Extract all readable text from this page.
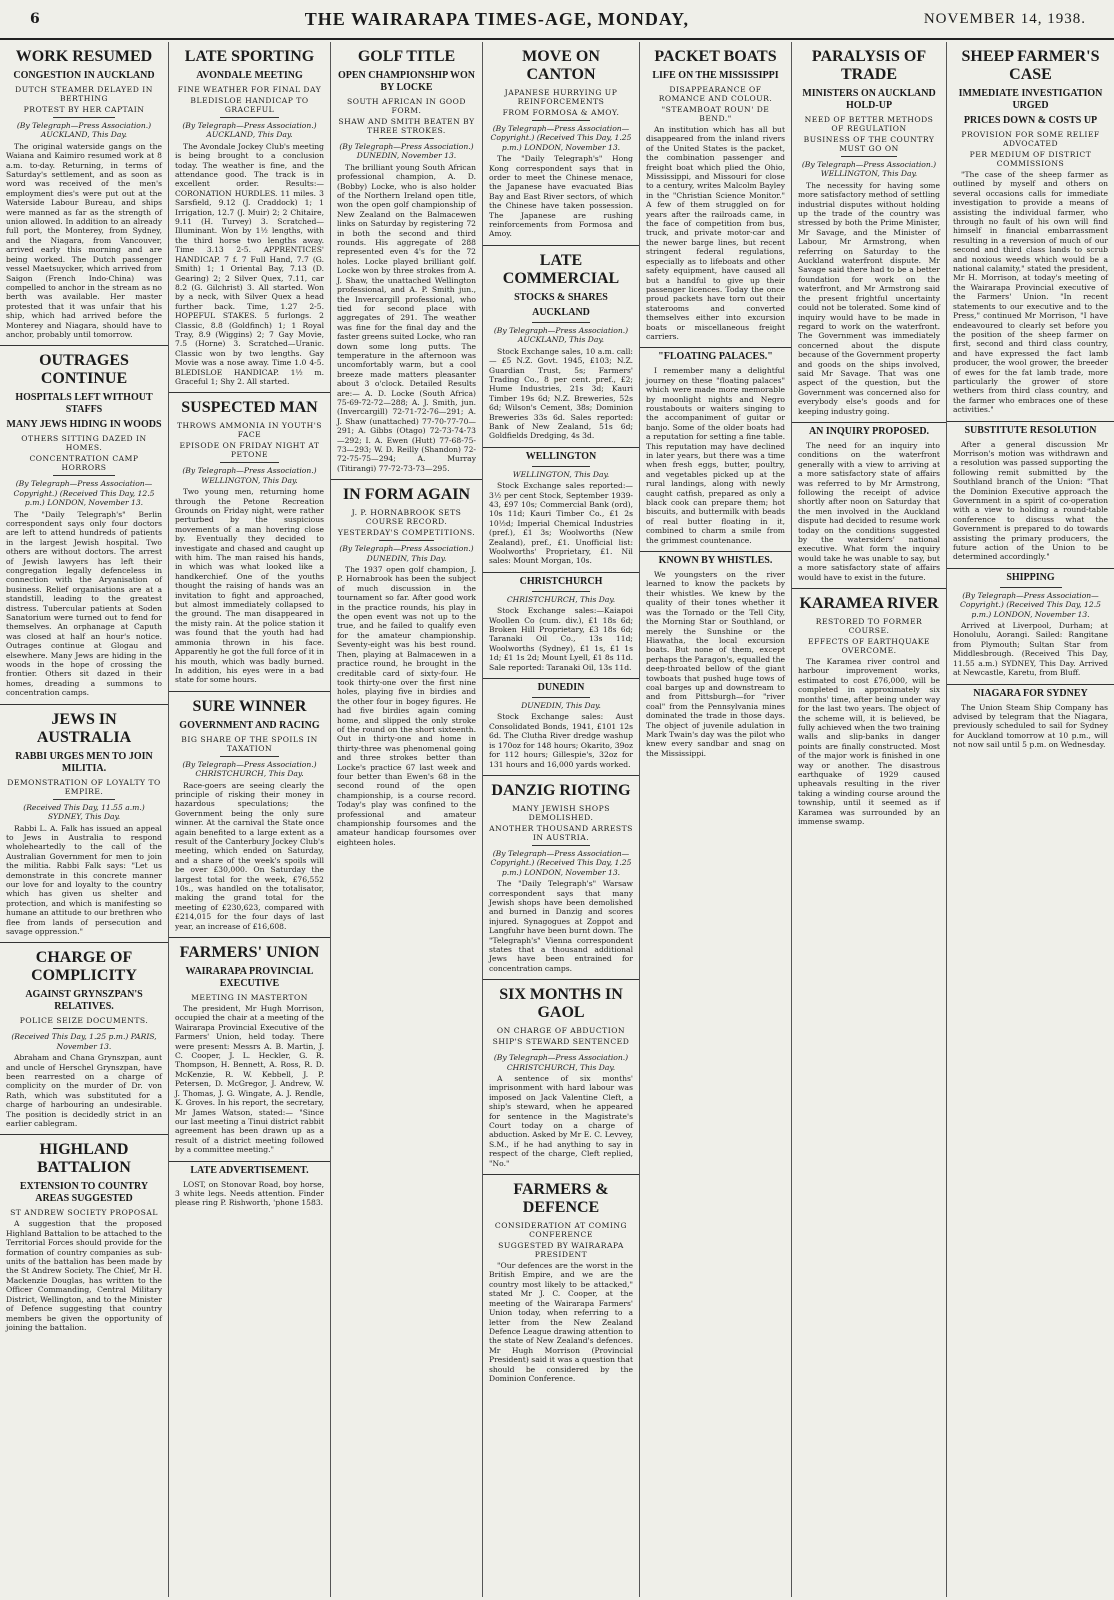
6	THE WAIRARAPA TIMES-AGE, MONDAY,	NOVEMBER 14, 1938.
WORK RESUMED
CONGESTION IN AUCKLAND
DUTCH STEAMER DELAYED IN BERTHING
PROTEST BY HER CAPTAIN
(By Telegraph—Press Association.) AUCKLAND, This Day.

The original waterside gangs on the Waiana and Kaimiro resumed work at 8 a.m. to-day. Returning, in terms of Saturday's settlement, and as soon as word was received of the men's employment dies's were put out at the Waterside Labour Bureau, and ships were manned as far as the strength of union allowed. In addition to an already full port, the Monterey, from Sydney, and the Niagara, from Vancouver, arrived early this morning and are being worked. The Dutch passenger vessel Maetsuycker, which arrived from Saigon (French Indo-China) was compelled to anchor in the stream as no berth was available. Her master protested that it was unfair that his ship, which had arrived before the Monterey and Niagara, should have to anchor, probably until tomorrow.

OUTRAGES CONTINUE
HOSPITALS LEFT WITHOUT STAFFS
MANY JEWS HIDING IN WOODS
OTHERS SITTING DAZED IN HOMES.
CONCENTRATION CAMP HORRORS
(By Telegraph—Press Association—Copyright.) (Received This Day, 12.5 p.m.) LONDON, November 13.

The "Daily Telegraph's" Berlin correspondent says only four doctors are left to attend hundreds of patients in the largest Jewish hospital. Two others are without doctors. The arrest of Jewish lawyers has left their congregation legally defenceless in connection with the Aryanisation of business. Relief organisations are at a standstill, leading to the greatest distress. Tubercular patients at Soden Sanatorium were turned out to fend for themselves. An orphanage at Caputh was closed at half an hour's notice. Outrages continue at Glogau and elsewhere. Many Jews are hiding in the woods in the hope of crossing the frontier. Others sit dazed in their homes, dreading a summons to concentration camps.

JEWS IN AUSTRALIA
RABBI URGES MEN TO JOIN MILITIA.
DEMONSTRATION OF LOYALTY TO EMPIRE.
(Received This Day, 11.55 a.m.) SYDNEY, This Day.

Rabbi L. A. Falk has issued an appeal to Jews in Australia to respond wholeheartedly to the call of the Australian Government for men to join the militia. Rabbi Falk says: "Let us demonstrate in this concrete manner our love for and loyalty to the country which has given us shelter and protection, and which is manifesting so humane an attitude to our brethren who flee from lands of persecution and savage oppression."

CHARGE OF COMPLICITY
AGAINST GRYNSZPAN'S RELATIVES.
POLICE SEIZE DOCUMENTS.
(Received This Day, 1.25 p.m.) PARIS, November 13.

Abraham and Chana Grynszpan, aunt and uncle of Herschel Grynszpan, have been rearrested on a charge of complicity on the murder of Dr. von Rath, which was substituted for a charge of harbouring an undesirable. The position is decidedly strict in an earlier cablegram.

HIGHLAND BATTALION
EXTENSION TO COUNTRY AREAS SUGGESTED
ST ANDREW SOCIETY PROPOSAL

A suggestion that the proposed Highland Battalion to be attached to the Territorial Forces should provide for the formation of country companies as sub-units of the battalion has been made by the St Andrew Society. The Chief, Mr H. Mackenzie Douglas, has written to the Officer Commanding, Central Military District, Wellington, and to the Minister of Defence suggesting that country members be given the opportunity of joining the battalion.

LATE SPORTING
AVONDALE MEETING
FINE WEATHER FOR FINAL DAY
BLEDISLOE HANDICAP TO GRACEFUL
(By Telegraph—Press Association.) AUCKLAND, This Day.

The Avondale Jockey Club's meeting is being brought to a conclusion today. The weather is fine, and the attendance good. The track is in excellent order. Results:— CORONATION HURDLES. 11 miles. 3 Sarsfield, 9.12 (J. Craddock) 1; 1 Irrigation, 12.7 (J. Muir) 2; 2 Chitaire, 9.11 (H. Turvey) 3. Scratched—Illuminant. Won by 1½ lengths, with the third horse two lengths away. Time 3.13 2-5. APPRENTICES' HANDICAP. 7 f. 7 Full Hand, 7.7 (G. Smith) 1; 1 Oriental Bay, 7.13 (D. Gearing) 2; 2 Silver Quex, 7.11, car 8.2 (G. Gilchrist) 3. All started. Won by a neck, with Silver Quex a head further back. Time, 1.27 2-5. HOPEFUL STAKES. 5 furlongs. 2 Classic, 8.8 (Goldfinch) 1; 1 Royal Tray, 8.9 (Wiggins) 2; 7 Gay Movie, 7.5 (Horne) 3. Scratched—Uranic. Classic won by two lengths. Gay Movie was a nose away. Time 1.0 4-5. BLEDISLOE HANDICAP. 1½ m. Graceful 1; Shy 2. All started.

SUSPECTED MAN
THROWS AMMONIA IN YOUTH'S FACE
EPISODE ON FRIDAY NIGHT AT PETONE
(By Telegraph—Press Association.) WELLINGTON, This Day.

Two young men, returning home through the Petone Recreation Grounds on Friday night, were rather perturbed by the suspicious movements of a man hovering close by. Eventually they decided to investigate and chased and caught up with him. The man raised his hands, in which was what looked like a handkerchief. One of the youths thought the raising of hands was an invitation to fight and approached, but almost immediately collapsed to the ground. The man disappeared in the misty rain. At the police station it was found that the youth had had ammonia thrown in his face. Apparently he got the full force of it in his mouth, which was badly burned. In addition, his eyes were in a bad state for some hours.

SURE WINNER
GOVERNMENT AND RACING
BIG SHARE OF THE SPOILS IN TAXATION
(By Telegraph—Press Association.) CHRISTCHURCH, This Day.

Race-goers are seeing clearly the principle of risking their money in hazardous speculations; the Government being the only sure winner. At the carnival the State once again benefited to a large extent as a result of the Canterbury Jockey Club's meeting, which ended on Saturday, and a share of the week's spoils will be over £30,000. On Saturday the largest total for the week, £76,552 10s., was handled on the totalisator, making the grand total for the meeting of £230,623, compared with £214,015 for the four days of last year, an increase of £16,608.

FARMERS' UNION
WAIRARAPA PROVINCIAL EXECUTIVE
MEETING IN MASTERTON

The president, Mr Hugh Morrison, occupied the chair at a meeting of the Wairarapa Provincial Executive of the Farmers' Union, held today. There were present: Messrs A. B. Martin, J. C. Cooper, J. L. Heckler, G. R. Thompson, H. Bennett, A. Ross, R. D. McKenzie, R. W. Kebbell, J. P. Petersen, D. McGregor, J. Andrew, W. J. Thomas, J. G. Wingate, A. J. Rendle, K. Groves. In his report, the secretary, Mr James Watson, stated:— "Since our last meeting a Tinui district rabbit agreement has been drawn up as a result of a district meeting followed by a committee meeting."

LATE ADVERTISEMENT.

LOST, on Stonovar Road, boy horse, 3 white legs. Needs attention. Finder please ring P. Rishworth, 'phone 1583.

GOLF TITLE
OPEN CHAMPIONSHIP WON BY LOCKE
SOUTH AFRICAN IN GOOD FORM.
SHAW AND SMITH BEATEN BY THREE STROKES.
(By Telegraph—Press Association.) DUNEDIN, November 13.

The brilliant young South African professional champion, A. D. (Bobby) Locke, who is also holder of the Northern Ireland open title, won the open golf championship of New Zealand on the Balmacewen links on Saturday by registering 72 in both the second and third rounds. His aggregate of 288 represented even 4's for the 72 holes. Locke played brilliant golf. Locke won by three strokes from A. J. Shaw, the unattached Wellington professional, and A. P. Smith jun., the Invercargill professional, who tied for second place with aggregates of 291. The weather was fine for the final day and the faster greens suited Locke, who ran down some long putts. The temperature in the afternoon was uncomfortably warm, but a cool breeze made matters pleasanter about 3 o'clock. Detailed Results are:— A. D. Locke (South Africa) 75-69-72-72—288; A. J. Smith, jun. (Invercargill) 72-71-72-76—291; A. J. Shaw (unattached) 77-70-77-70—291; A. Gibbs (Otago) 72-73-74-73—292; I. A. Ewen (Hutt) 77-68-75-73—293; W. D. Reilly (Shandon) 72-72-75-75—294; A. Murray (Titirangi) 77-72-73-73—295.

IN FORM AGAIN
J. P. HORNABROOK SETS COURSE RECORD.
YESTERDAY'S COMPETITIONS.
(By Telegraph—Press Association.) DUNEDIN, This Day.

The 1937 open golf champion, J. P. Hornabrook has been the subject of much discussion in the tournament so far. After good work in the practice rounds, his play in the open event was not up to the true, and he failed to qualify even for the amateur championship. Seventy-eight was his best round. Then, playing at Balmacewen in a practice round, he brought in the creditable card of sixty-four. He took thirty-one over the first nine holes, playing five in birdies and the other four in bogey figures. He had five birdies again coming home, and slipped the only stroke of the round on the short sixteenth. Out in thirty-one and home in thirty-three was phenomenal going and three strokes better than Locke's practice 67 last week and four better than Ewen's 68 in the second round of the open championship, is a course record. Today's play was confined to the professional and amateur championship foursomes and the amateur handicap foursomes over eighteen holes.

MOVE ON CANTON
JAPANESE HURRYING UP REINFORCEMENTS
FROM FORMOSA & AMOY.
(By Telegraph—Press Association—Copyright.) (Received This Day, 1.25 p.m.) LONDON, November 13.

The "Daily Telegraph's" Hong Kong correspondent says that in order to meet the Chinese menace, the Japanese have evacuated Bias Bay and East River sectors, of which the Chinese have taken possession. The Japanese are rushing reinforcements from Formosa and Amoy.

LATE COMMERCIAL
STOCKS & SHARES
AUCKLAND
(By Telegraph—Press Association.) AUCKLAND, This Day.

Stock Exchange sales, 10 a.m. call:— £5 N.Z. Govt. 1945, £103; N.Z. Guardian Trust, 5s; Farmers' Trading Co., 8 per cent. pref., £2; Hume Industries, 21s 3d; Kauri Timber 19s 6d; N.Z. Breweries, 52s 6d; Wilson's Cement, 38s; Dominion Breweries 33s 6d. Sales reported: Bank of New Zealand, 51s 6d; Goldfields Dredging, 4s 3d.

WELLINGTON
WELLINGTON, This Day.

Stock Exchange sales reported:—3½ per cent Stock, September 1939-43, £97 10s; Commercial Bank (ord), 10s 11d; Kauri Timber Co., £1 2s 10½d; Imperial Chemical Industries (pref.), £1 3s; Woolworths (New Zealand), pref., £1. Unofficial list: Woolworths' Proprietary, £1. Nil sales: Mount Morgan, 10s.

CHRISTCHURCH
CHRISTCHURCH, This Day.

Stock Exchange sales:—Kaiapoi Woollen Co (cum. div.), £1 18s 6d; Broken Hill Proprietary, £3 18s 6d; Taranaki Oil Co., 13s 11d; Woolworths (Sydney), £1 1s, £1 1s 1d; £1 1s 2d; Mount Lyell, £1 8s 11d. Sale reported: Taranaki Oil, 13s 11d.

DUNEDIN
DUNEDIN, This Day.

Stock Exchange sales: Aust Consolidated Bonds, 1941, £101 12s 6d. The Clutha River dredge washup is 170oz for 148 hours; Okarito, 39oz for 112 hours; Gillespie's, 32oz for 131 hours and 16,000 yards worked.

DANZIG RIOTING
MANY JEWISH SHOPS DEMOLISHED.
ANOTHER THOUSAND ARRESTS IN AUSTRIA.
(By Telegraph—Press Association—Copyright.) (Received This Day, 1.25 p.m.) LONDON, November 13.

The "Daily Telegraph's" Warsaw correspondent says that many Jewish shops have been demolished and burned in Danzig and scores injured. Synagogues at Zoppot and Langfuhr have been burnt down. The "Telegraph's" Vienna correspondent states that a thousand additional Jews have been entrained for concentration camps.

SIX MONTHS IN GAOL
ON CHARGE OF ABDUCTION
SHIP'S STEWARD SENTENCED
(By Telegraph—Press Association.) CHRISTCHURCH, This Day.

A sentence of six months' imprisonment with hard labour was imposed on Jack Valentine Cleft, a ship's steward, when he appeared for sentence in the Magistrate's Court today on a charge of abduction. Asked by Mr E. C. Levvey, S.M., if he had anything to say in respect of the charge, Cleft replied, "No."

FARMERS & DEFENCE
CONSIDERATION AT COMING CONFERENCE
SUGGESTED BY WAIRARAPA PRESIDENT

"Our defences are the worst in the British Empire, and we are the country most likely to be attacked," stated Mr J. C. Cooper, at the meeting of the Wairarapa Farmers' Union today, when referring to a letter from the New Zealand Defence League drawing attention to the state of New Zealand's defences. Mr Hugh Morrison (Provincial President) said it was a question that should be considered by the Dominion Conference.

PACKET BOATS
LIFE ON THE MISSISSIPPI
DISAPPEARANCE OF ROMANCE AND COLOUR.
"STEAMBOAT ROUN' DE BEND."

An institution which has all but disappeared from the inland rivers of the United States is the packet, the combination passenger and freight boat which plied the Ohio, Mississippi, and Missouri for close to a century, writes Malcolm Bayley in the "Christian Science Monitor." A few of them struggled on for years after the railroads came, in the face of competition from bus, truck, and private motor-car and the newer barge lines, but recent stringent federal regulations, especially as to lifeboats and other safety equipment, have caused all but a handful to give up their passenger licences. Today the once proud packets have torn out their staterooms and converted themselves either into excursion boats or miscellaneous freight carriers.

"FLOATING PALACES."

I remember many a delightful journey on these "floating palaces" which were made more memorable by moonlight nights and Negro roustabouts or waiters singing to the accompaniment of guitar or banjo. Some of the older boats had a reputation for setting a fine table. This reputation may have declined in later years, but there was a time when fresh eggs, butter, poultry, and vegetables picked up at the rural landings, along with newly caught catfish, prepared as only a black cook can prepare them; hot biscuits, and buttermilk with beads of real butter floating in it, combined to charm a smile from the grimmest countenance.

KNOWN BY WHISTLES.

We youngsters on the river learned to know the packets by their whistles. We knew by the quality of their tones whether it was the Tornado or the Tell City, the Morning Star or Southland, or merely the Sunshine or the Hiawatha, the local excursion boats. But none of them, except perhaps the Paragon's, equalled the deep-throated bellow of the giant towboats that pushed huge tows of coal barges up and downstream to and from Pittsburgh—for "river coal" from the Pennsylvania mines dominated the trade in those days. The object of juvenile adulation in Mark Twain's day was the pilot who knew every sandbar and snag on the Mississippi.

PARALYSIS OF TRADE
MINISTERS ON AUCKLAND HOLD-UP
NEED OF BETTER METHODS OF REGULATION
BUSINESS OF THE COUNTRY MUST GO ON
(By Telegraph—Press Association.) WELLINGTON, This Day.

The necessity for having some more satisfactory method of settling industrial disputes without holding up the trade of the country was stressed by both the Prime Minister, Mr Savage, and the Minister of Labour, Mr Armstrong, when referring on Saturday to the Auckland waterfront dispute. Mr Savage said there had to be a better foundation for work on the waterfront, and Mr Armstrong said the present frightful uncertainty could not be tolerated. Some kind of inquiry would have to be made in regard to work on the waterfront. The Government was immediately concerned about the dispute because of the Government property and goods on the ships involved, said Mr Savage. That was one aspect of the question, but the Government was concerned also for everybody else's goods and for keeping industry going.

AN INQUIRY PROPOSED.

The need for an inquiry into conditions on the waterfront generally with a view to arriving at a more satisfactory state of affairs was referred to by Mr Armstrong, following the receipt of advice shortly after noon on Saturday that the men involved in the Auckland dispute had decided to resume work today on the conditions suggested by the watersiders' national executive. What form the inquiry would take he was unable to say, but a more satisfactory state of affairs would have to exist in the future.

KARAMEA RIVER
RESTORED TO FORMER COURSE.
EFFECTS OF EARTHQUAKE OVERCOME.

The Karamea river control and harbour improvement works, estimated to cost £76,000, will be completed in approximately six months' time, after being under way for the last two years. The object of the scheme will, it is believed, be fully achieved when the two training walls and slip-banks in danger points are finally constructed. Most of the major work is finished in one way or another. The disastrous earthquake of 1929 caused upheavals resulting in the river taking a winding course around the township, until it seemed as if Karamea was surrounded by an immense swamp.

SHEEP FARMER'S CASE
IMMEDIATE INVESTIGATION URGED
PRICES DOWN & COSTS UP
PROVISION FOR SOME RELIEF ADVOCATED
PER MEDIUM OF DISTRICT COMMISSIONS

"The case of the sheep farmer as outlined by myself and others on several occasions calls for immediate investigation to provide a means of assisting the individual farmer, who through no fault of his own will find himself in financial embarrassment resulting in a reversion of much of our second and third class lands to scrub and noxious weeds which would be a national calamity," stated the president, Mr H. Morrison, at today's meeting of the Wairarapa Provincial executive of the Farmers' Union. "In recent statements to our executive and to the Press," continued Mr Morrison, "I have endeavoured to clearly set before you the position of the sheep farmer on first, second and third class country, and have expressed the fact lamb producer, the wool grower, the breeder of ewes for the fat lamb trade, more particularly the grower of store wethers from third class country, and the farmer who embraces one of these activities."

SUBSTITUTE RESOLUTION

After a general discussion Mr Morrison's motion was withdrawn and a resolution was passed supporting the following remit submitted by the Southland branch of the Union: "That the Dominion Executive approach the Government in a spirit of co-operation with a view to holding a round-table conference to discuss what the Government is prepared to do towards assisting the primary producers, the future action of the Union to be determined accordingly."

SHIPPING
(By Telegraph—Press Association—Copyright.) (Received This Day, 12.5 p.m.) LONDON, November 13.

Arrived at Liverpool, Durham; at Honolulu, Aorangi. Sailed: Rangitane from Plymouth; Sultan Star from Middlesbrough. (Received This Day, 11.55 a.m.) SYDNEY, This Day. Arrived at Newcastle, Karetu, from Bluff.

NIAGARA FOR SYDNEY

The Union Steam Ship Company has advised by telegram that the Niagara, previously scheduled to sail for Sydney for Auckland tomorrow at 10 p.m., will not now sail until 5 p.m. on Wednesday.
